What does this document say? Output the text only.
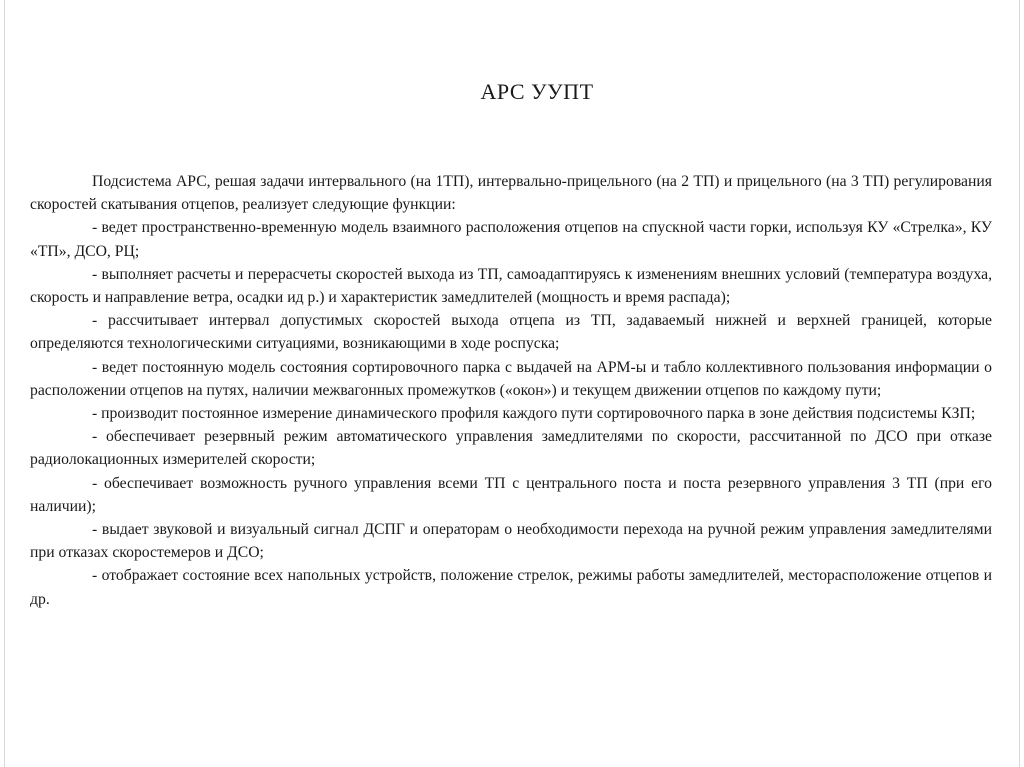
АРС УУПТ

Подсистема АРС, решая задачи интервального (на 1ТП), интервально-прицельного (на 2 ТП) и прицельного (на 3 ТП) регулирования скоростей скатывания отцепов, реализует следующие функции:

- ведет пространственно-временную модель взаимного расположения отцепов на спускной части горки, используя КУ «Стрелка», КУ «ТП», ДСО, РЦ;

- выполняет расчеты и перерасчеты скоростей выхода из ТП, самоадаптируясь к изменениям внешних условий (температура воздуха, скорость и направление ветра, осадки ид р.) и характеристик замедлителей (мощность и время распада);

- рассчитывает интервал допустимых скоростей выхода отцепа из ТП, задаваемый нижней и верхней границей, которые определяются технологическими ситуациями, возникающими в ходе роспуска;

- ведет постоянную модель состояния сортировочного парка с выдачей на АРМ-ы и табло коллективного пользования информации о расположении отцепов на путях, наличии межвагонных промежутков («окон») и текущем движении отцепов по каждому пути;

- производит постоянное измерение динамического профиля каждого пути сортировочного парка в зоне действия подсистемы КЗП;

- обеспечивает резервный режим автоматического управления замедлителями по скорости, рассчитанной по ДСО при отказе радиолокационных измерителей скорости;

- обеспечивает возможность ручного управления всеми ТП с центрального поста и поста резервного управления 3 ТП (при его наличии);

- выдает звуковой и визуальный сигнал ДСПГ и операторам о необходимости перехода на ручной режим управления замедлителями при отказах скоростемеров и ДСО;

- отображает состояние всех напольных устройств, положение стрелок, режимы работы замедлителей, месторасположение отцепов и др.
